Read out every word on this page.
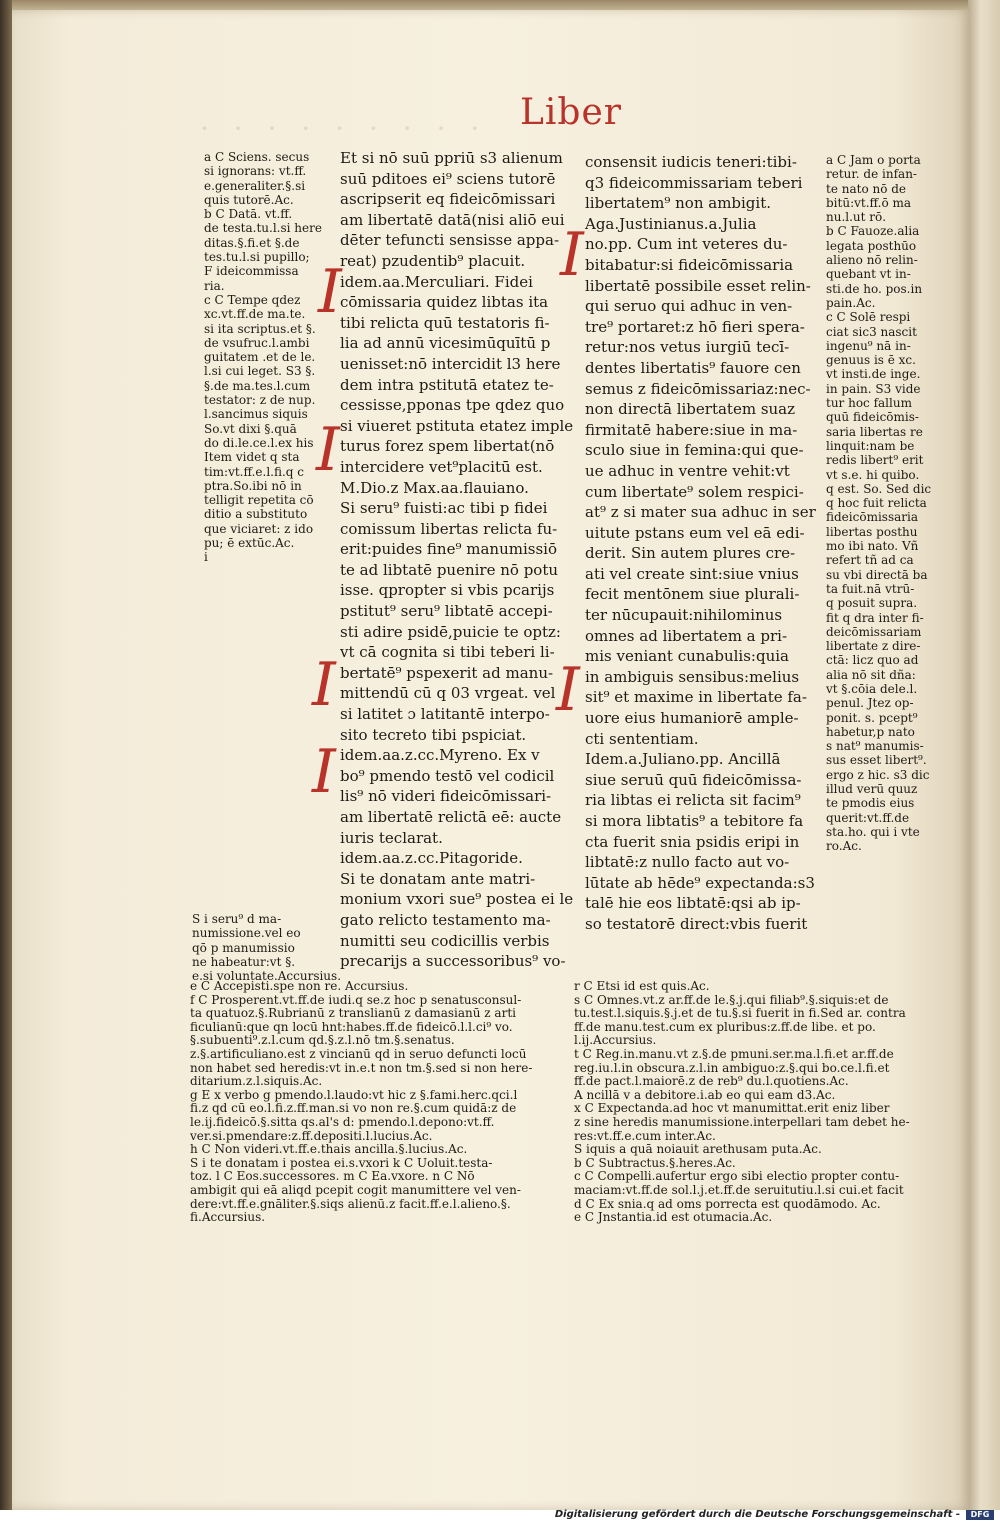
· · · · · · · · · Liber
I
I
I
I
I
I
a C Sciens. secus
si ignorans: vt.ff.
e.generaliter.§.si
quis tutorē.Ac.
b C Datā. vt.ff.
de testa.tu.l.si here
ditas.§.fi.et §.de
tes.tu.l.si pupillo;
F ideicommissa
ria.
c C Tempe qdez
xc.vt.ff.de ma.te.
si ita scriptus.et §.
de vsufruc.l.ambi
guitatem .et de le.
l.si cui leget. S3 §.
§.de ma.tes.l.cum
testator: z de nup.
l.sancimus siquis
So.vt dixi §.quā
do di.le.ce.l.ex his
Item videt q sta
tim:vt.ff.e.l.fi.q c
ptra.So.ibi nō in
telligit repetita cō
ditio a substituto
que viciaret: z ido
pu; ē extūc.Ac.
i
Et si nō suū ppriū s3 alienum
suū pditoes ei⁹ sciens tutorē
ascripserit eq fideicōmissari
am libertatē datā(nisi aliō eui
dēter tefuncti sensisse appa-
reat) pzudentib⁹ placuit.
idem.aa.Merculiari. Fidei
cōmissaria quidez libtas ita
tibi relicta quū testatoris fi-
lia ad annū vicesimūquītū p
uenisset:nō intercidit l3 here
dem intra pstitutā etatez te-
cessisse,pponas tpe qdez quo
si viueret pstituta etatez imple
turus forez spem libertat(nō
intercidere vet⁹placitū est.
M.Dio.z Max.aa.flauiano.
Si seru⁹ fuisti:ac tibi p fidei
comissum libertas relicta fu-
erit:puides fine⁹ manumissiō
te ad libtatē puenire nō potu
isse. qpropter si vbis pcarijs
pstitut⁹ seru⁹ libtatē accepi-
sti adire psidē,puicie te optz:
vt cā cognita si tibi teberi li-
bertatē⁹ pspexerit ad manu-
mittendū cū q 03 vrgeat. vel
si latitet ɔ latitantē interpo-
sito tecreto tibi pspiciat.
idem.aa.z.cc.Myreno. Ex v
bo⁹ pmendo testō vel codicil
lis⁹ nō videri fideicōmissari-
am libertatē relictā eē: aucte
iuris teclarat.
idem.aa.z.cc.Pitagoride.
Si te donatam ante matri-
monium vxori sue⁹ postea ei le
gato relicto testamento ma-
numitti seu codicillis verbis
precarijs a successoribus⁹ vo-
consensit iudicis teneri:tibi-
q3 fideicommissariam teberi
libertatem⁹ non ambigit.
Aga.Justinianus.a.Julia
no.pp. Cum int veteres du-
bitabatur:si fideicōmissaria
libertatē possibile esset relin-
qui seruo qui adhuc in ven-
tre⁹ portaret:z hō fieri spera-
retur:nos vetus iurgiū tecī-
dentes libertatis⁹ fauore cen
semus z fideicōmissariaz:nec-
non directā libertatem suaz
firmitatē habere:siue in ma-
sculo siue in femina:qui que-
ue adhuc in ventre vehit:vt
cum libertate⁹ solem respici-
at⁹ z si mater sua adhuc in ser
uitute pstans eum vel eā edi-
derit. Sin autem plures cre-
ati vel create sint:siue vnius
fecit mentōnem siue plurali-
ter nūcupauit:nihilominus
omnes ad libertatem a pri-
mis veniant cunabulis:quia
in ambiguis sensibus:melius
sit⁹ et maxime in libertate fa-
uore eius humaniorē ample-
cti sententiam.
Idem.a.Juliano.pp. Ancillā
siue seruū quū fideicōmissa-
ria libtas ei relicta sit facim⁹
si mora libtatis⁹ a tebitore fa
cta fuerit snia psidis eripi in
libtatē:z nullo facto aut vo-
lūtate ab hēde⁹ expectanda:s3
talē hie eos libtatē:qsi ab ip-
so testatorē direct:vbis fuerit
a C Jam o porta
retur. de infan-
te nato nō de
bitū:vt.ff.ō ma
nu.l.ut rō.
b C Fauoze.alia
legata posthūo
alieno nō relin-
quebant vt in-
sti.de ho. pos.in
pain.Ac.
c C Solē respi
ciat sic3 nascit
ingenu⁹ nā in-
genuus is ē xc.
vt insti.de inge.
in pain. S3 vide
tur hoc fallum
quū fideicōmis-
saria libertas re
linquit:nam be
redis libert⁹ erit
vt s.e. hi quibo.
q est. So. Sed dic
q hoc fuit relicta
fideicōmissaria
libertas posthu
mo ibi nato. Vñ
refert tñ ad ca
su vbi directā ba
ta fuit.nā vtrū-
q posuit supra.
fit q dra inter fi-
deicōmissariam
libertate z dire-
ctā: licz quo ad
alia nō sit dña:
vt §.cōia dele.l.
penul. Jtez op-
ponit. s. pcept⁹
habetur,p nato
s nat⁹ manumis-
sus esset libert⁹.
ergo z hic. s3 dic
illud verū quuz
te pmodis eius
querit:vt.ff.de
sta.ho. qui i vte
ro.Ac.
S i seru⁹ d ma-
numissione.vel eo
qō p manumissio
ne habeatur:vt §.
e.si voluntate.Accursius.
e C Accepisti.spe non re. Accursius.
f C Prosperent.vt.ff.de iudi.q se.z hoc p senatusconsul-
ta quatuoz.§.Rubrianū z translianū z damasianū z arti
ficulianū:que qn locū hnt:habes.ff.de fideicō.l.l.ci⁹ vo.
§.subuenti⁹.z.l.cum qd.§.z.l.nō tm.§.senatus.
z.§.artificuliano.est z vincianū qd in seruo defuncti locū
non habet sed heredis:vt in.e.t non tm.§.sed si non here-
ditarium.z.l.siquis.Ac.
g E x verbo g pmendo.l.laudo:vt hic z §.fami.herc.qci.l
fi.z qd cū eo.l.fi.z.ff.man.si vo non re.§.cum quidā:z de
le.ij.fideicō.§.sitta qs.al's d: pmendo.l.depono:vt.ff.
ver.si.pmendare:z.ff.depositi.l.lucius.Ac.
h C Non videri.vt.ff.e.thais ancilla.§.lucius.Ac.
S i te donatam i postea ei.s.vxori k C Uoluit.testa-
toz. l C Eos.successores. m C Ea.vxore. n C Nō
ambigit qui eā aliqd pcepit cogit manumittere vel ven-
dere:vt.ff.e.gnāliter.§.siqs alienū.z facit.ff.e.l.alieno.§.
fi.Accursius.
r C Etsi id est quis.Ac.
s C Omnes.vt.z ar.ff.de le.§.j.qui filiab⁹.§.siquis:et de
tu.test.l.siquis.§.j.et de tu.§.si fuerit in fi.Sed ar. contra
ff.de manu.test.cum ex pluribus:z.ff.de libe. et po.
l.ij.Accursius.
t C Reg.in.manu.vt z.§.de pmuni.ser.ma.l.fi.et ar.ff.de
reg.iu.l.in obscura.z.l.in ambiguo:z.§.qui bo.ce.l.fi.et
ff.de pact.l.maiorē.z de reb⁹ du.l.quotiens.Ac.
A ncillā v a debitore.i.ab eo qui eam d3.Ac.
x C Expectanda.ad hoc vt manumittat.erit eniz liber
z sine heredis manumissione.interpellari tam debet he-
res:vt.ff.e.cum inter.Ac.
S iquis a quā noiauit arethusam puta.Ac.
b C Subtractus.§.heres.Ac.
c C Compelli.aufertur ergo sibi electio propter contu-
maciam:vt.ff.de sol.l.j.et.ff.de seruitutiu.l.si cui.et facit
d C Ex snia.q ad oms porrecta est quodāmodo. Ac.
e C Jnstantia.id est otumacia.Ac.
Digitalisierung gefördert durch die Deutsche Forschungsgemeinschaft -	DFG
